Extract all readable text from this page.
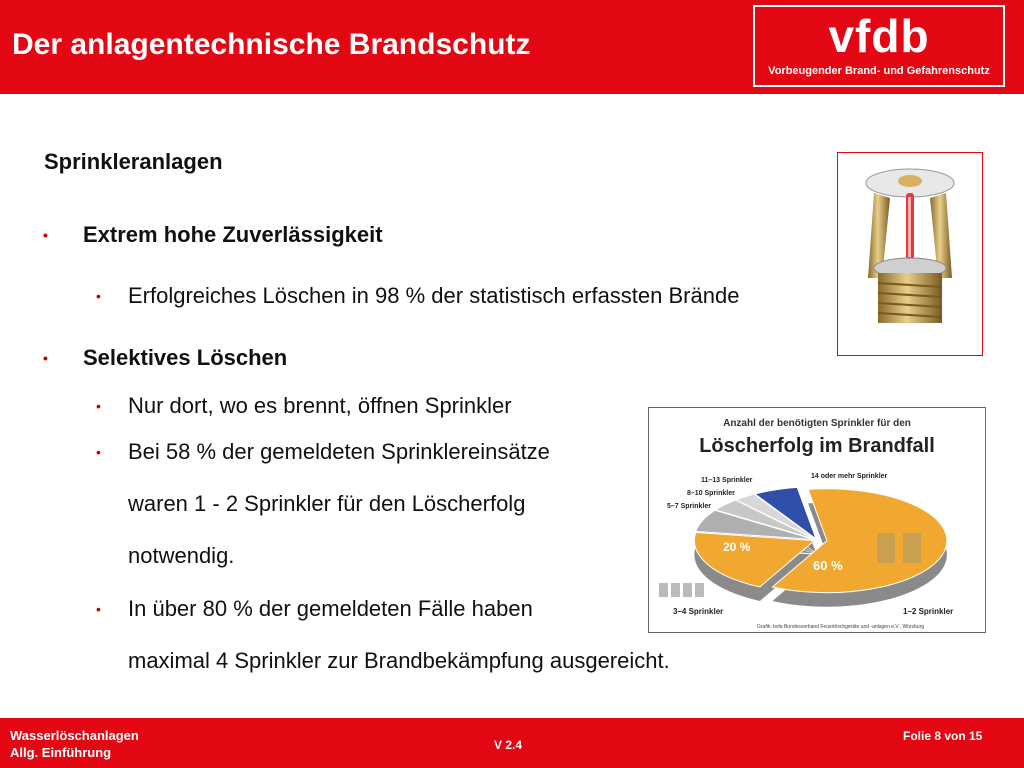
Der anlagentechnische Brandschutz	vfdb
Vorbeugender Brand- und Gefahrenschutz
Sprinkleranlagen
• Extrem hohe Zuverlässigkeit
• Erfolgreiches Löschen in 98 % der statistisch erfassten Brände
• Selektives Löschen
• Nur dort, wo es brennt, öffnen Sprinkler
• Bei 58 % der gemeldeten Sprinklereinsätze
waren 1 - 2 Sprinkler für den Löscherfolg
notwendig.
• In über 80 % der gemeldeten Fälle haben
maximal 4 Sprinkler zur Brandbekämpfung ausgereicht.
Anzahl der benötigten Sprinkler für den
Löscherfolg im Brandfall
14 oder mehr Sprinkler
11–13 Sprinkler
8–10 Sprinkler
5–7 Sprinkler
20 %
60 %
3–4 Sprinkler	1–2 Sprinkler
Grafik: bvfa Bundesverband Feuerlöschgeräte und -anlagen e.V., Würzburg
Wasserlöschanlagen
Allg. Einführung	V 2.4
Folie 8 von 15
